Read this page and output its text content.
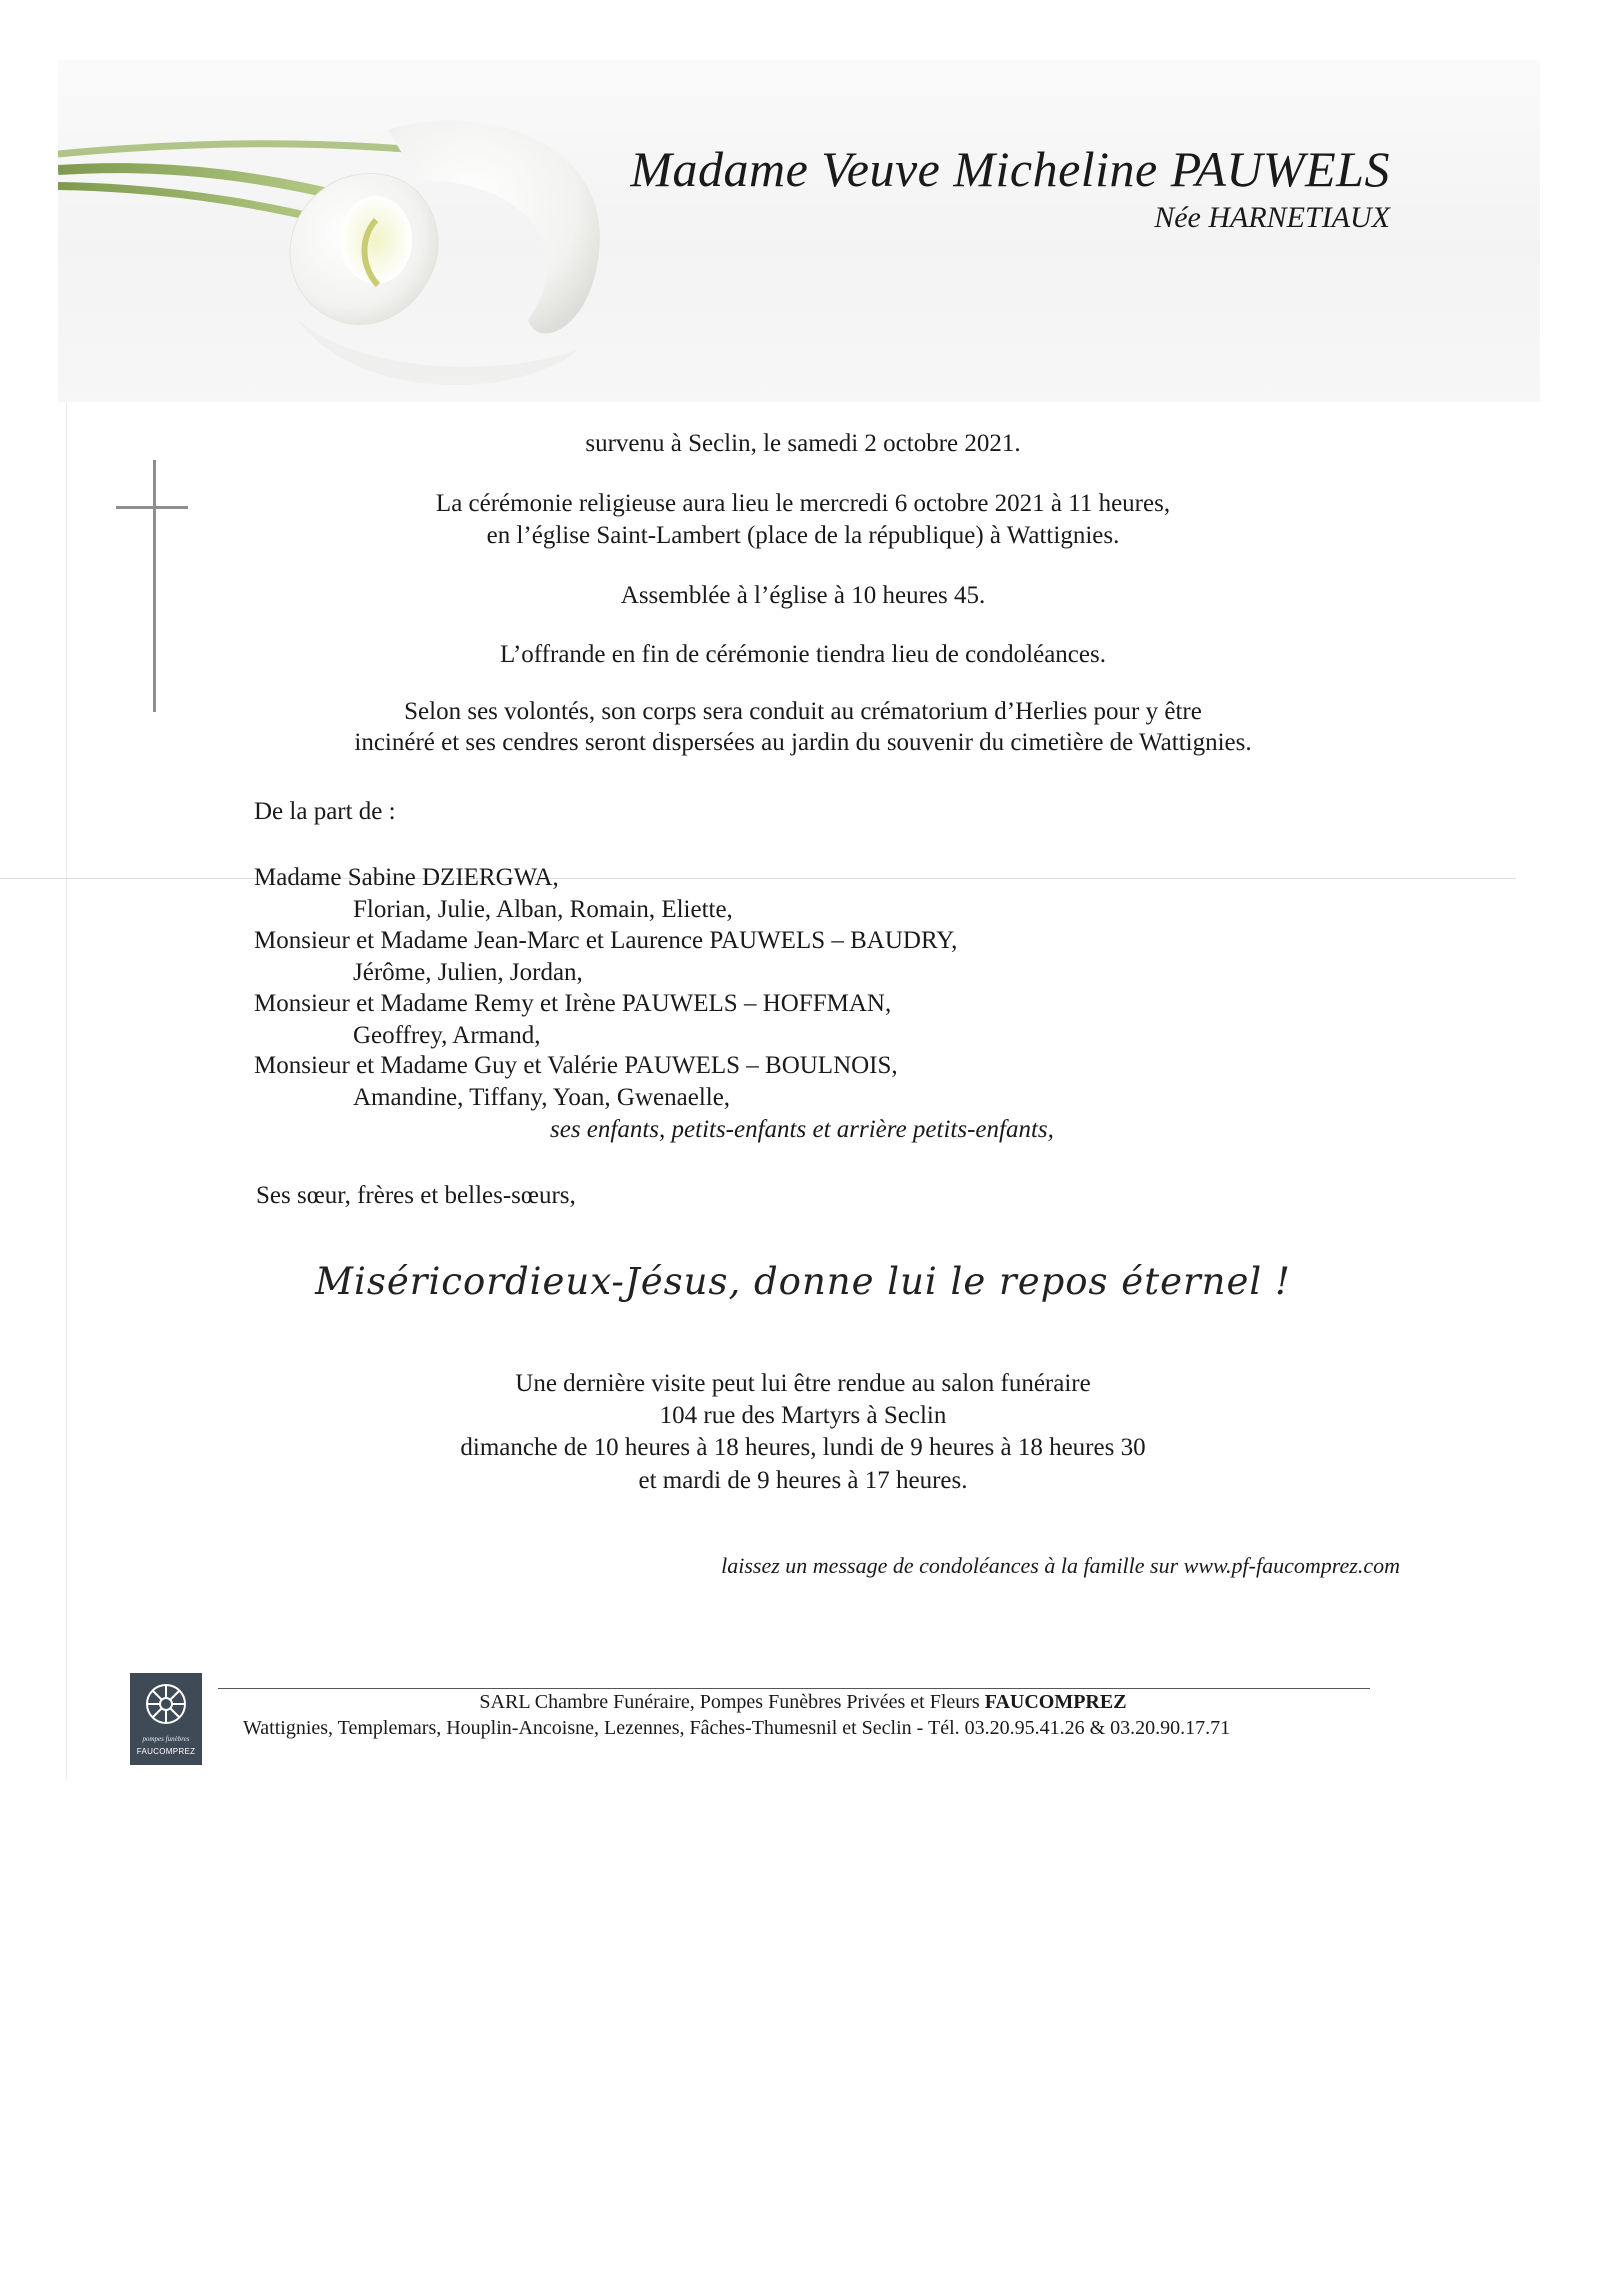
Madame Veuve Micheline PAUWELS
Née HARNETIAUX
survenu à Seclin, le samedi 2 octobre 2021.
La cérémonie religieuse aura lieu le mercredi 6 octobre 2021 à 11 heures,
en l’église Saint-Lambert (place de la république) à Wattignies.
Assemblée à l’église à 10 heures 45.
L’offrande en fin de cérémonie tiendra lieu de condoléances.
Selon ses volontés, son corps sera conduit au crématorium d’Herlies pour y être
incinéré et ses cendres seront dispersées au jardin du souvenir du cimetière de Wattignies.
De la part de :
Madame Sabine DZIERGWA,
Florian, Julie, Alban, Romain, Eliette,
Monsieur et Madame Jean-Marc et Laurence PAUWELS – BAUDRY,
Jérôme, Julien, Jordan,
Monsieur et Madame Remy et Irène PAUWELS – HOFFMAN,
Geoffrey, Armand,
Monsieur et Madame Guy et Valérie PAUWELS – BOULNOIS,
Amandine, Tiffany, Yoan, Gwenaelle,
ses enfants, petits-enfants et arrière petits-enfants,
Ses sœur, frères et belles-sœurs,
Miséricordieux-Jésus, donne lui le repos éternel !
Une dernière visite peut lui être rendue au salon funéraire
104 rue des Martyrs à Seclin
dimanche de 10 heures à 18 heures, lundi de 9 heures à 18 heures 30
et mardi de 9 heures à 17 heures.
laissez un message de condoléances à la famille sur www.pf-faucomprez.com
pompes funèbres
FAUCOMPREZ
SARL Chambre Funéraire, Pompes Funèbres Privées et Fleurs FAUCOMPREZ
Wattignies, Templemars, Houplin-Ancoisne, Lezennes, Fâches-Thumesnil et Seclin - Tél. 03.20.95.41.26 & 03.20.90.17.71
